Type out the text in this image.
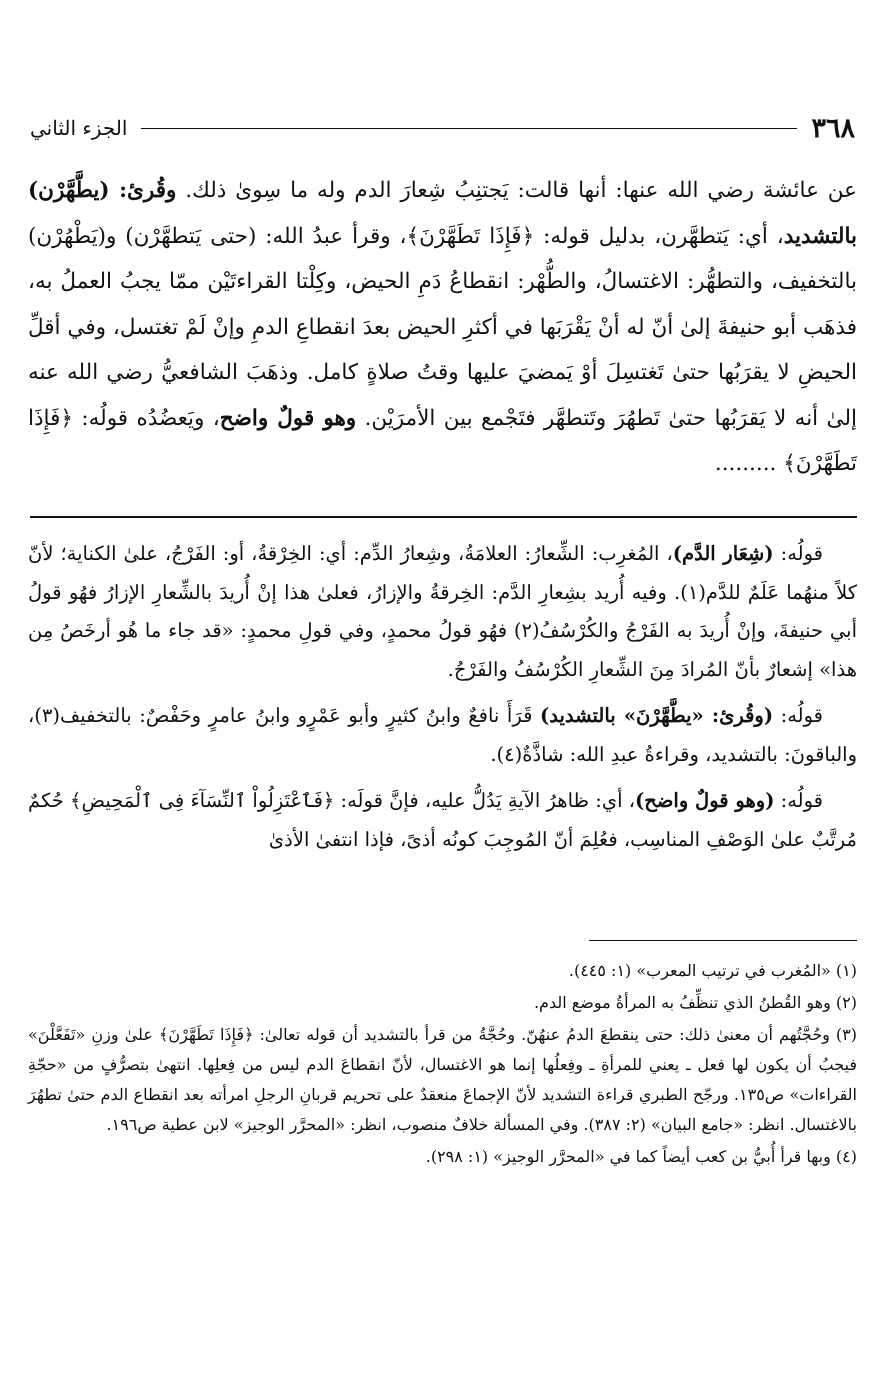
الجزء الثاني	٣٦٨

عن عائشة رضي الله عنها: أنها قالت: يَجتنِبُ شِعارَ الدم وله ما سِوىٰ ذلك. وقُرئ: (يطَّهَّرْن) بالتشديد، أي: يَتطهَّرن، بدليل قوله: ﴿فَإِذَا تَطَهَّرْنَ﴾، وقرأ عبدُ الله: (حتى يَتطهَّرْن) و(يَطْهُرْن) بالتخفيف، والتطهُّر: الاغتسالُ، والطُّهْر: انقطاعُ دَمِ الحيض، وكِلْتا القراءتَيْن ممّا يجبُ العملُ به، فذهَب أبو حنيفةَ إلىٰ أنّ له أنْ يَقْرَبَها في أكثرِ الحيض بعدَ انقطاعِ الدمِ وإنْ لَمْ تغتسل، وفي أقلِّ الحيضِ لا يقرَبُها حتىٰ تَغتسِلَ أوْ يَمضيَ عليها وقتُ صلاةٍ كامل. وذهَبَ الشافعيُّ رضي الله عنه إلىٰ أنه لا يَقرَبُها حتىٰ تَطهُرَ وتَتطهَّر فتَجْمع بين الأمرَيْن. وهو قولٌ واضح، ويَعضُدُه قولُه: ﴿فَإِذَا تَطَهَّرْنَ﴾ .........

قولُه: (شِعَار الدَّم)، المُغرِب: الشِّعارُ: العلامَةُ، وشِعارُ الدِّم: أي: الخِرْقةُ، أو: الفَرْجُ، علىٰ الكناية؛ لأنّ كلاً منهُما عَلَمٌ للدَّم(١). وفيه أُريد بشِعارِ الدَّم: الخِرقةُ والإزارُ، فعلىٰ هذا إنْ أُريدَ بالشِّعارِ الإزارُ فهُو قولُ أبي حنيفةَ، وإنْ أُريدَ به الفَرْجُ والكُرْسُفُ(٢) فهُو قولُ محمدٍ، وفي قولِ محمدٍ: «قد جاء ما هُو أرخَصُ مِن هذا» إشعارٌ بأنّ المُرادَ مِنَ الشِّعارِ الكُرْسُفُ والفَرْجُ.

قولُه: (وقُرئ: «يطَّهَّرْنَ» بالتشديد) قَرَأَ نافعٌ وابنُ كثيرٍ وأبو عَمْرٍو وابنُ عامرٍ وحَفْصٌ: بالتخفيف(٣)، والباقونَ: بالتشديد، وقراءةُ عبدِ الله: شاذَّةٌ(٤).

قولُه: (وهو قولٌ واضح)، أي: ظاهرُ الآيةِ يَدُلُّ عليه، فإنَّ قولَه: ﴿فَٱعْتَزِلُواْ ٱلنِّسَآءَ فِى ٱلْمَحِيضِ﴾ حُكمٌ مُرتَّبٌ علىٰ الوَصْفِ المناسِب، فعُلِمَ أنّ المُوجِبَ كونُه أذىً، فإذا انتفىٰ الأذىٰ

(١) «المُغرب في ترتيب المعرب» (١: ٤٤٥).

(٢) وهو القُطنُ الذي تنظِّفُ به المرأةُ موضع الدم.

(٣) وحُجَّتُهم أن معنىٰ ذلك: حتى ينقطعَ الدمُ عنهُنّ. وحُجَّةُ من قرأ بالتشديد أن قوله تعالىٰ: ﴿فَإِذَا تَطَهَّرْنَ﴾ علىٰ وزنِ «تَفَعَّلْنَ» فيجبُ أن يكون لها فعل ـ يعني للمرأةِ ـ وفِعلُها إنما هو الاغتسال، لأنّ انقطاعَ الدم ليس من فِعلِها. انتهىٰ بتصرُّفٍ من «حجّةِ القراءات» ص١٣٥. ورجّح الطبري قراءة التشديد لأنّ الإجماعَ منعقدٌ على تحريم قربانِ الرجلِ امرأته بعد انقطاع الدم حتىٰ تطهُرَ بالاغتسال. انظر: «جامع البيان» (٢: ٣٨٧). وفي المسألة خلافٌ منصوب، انظر: «المحرَّر الوجيز» لابن عطية ص١٩٦.

(٤) وبها قرأ أُبيُّ بن كعب أيضاً كما في «المحرَّر الوجيز» (١: ٢٩٨).
